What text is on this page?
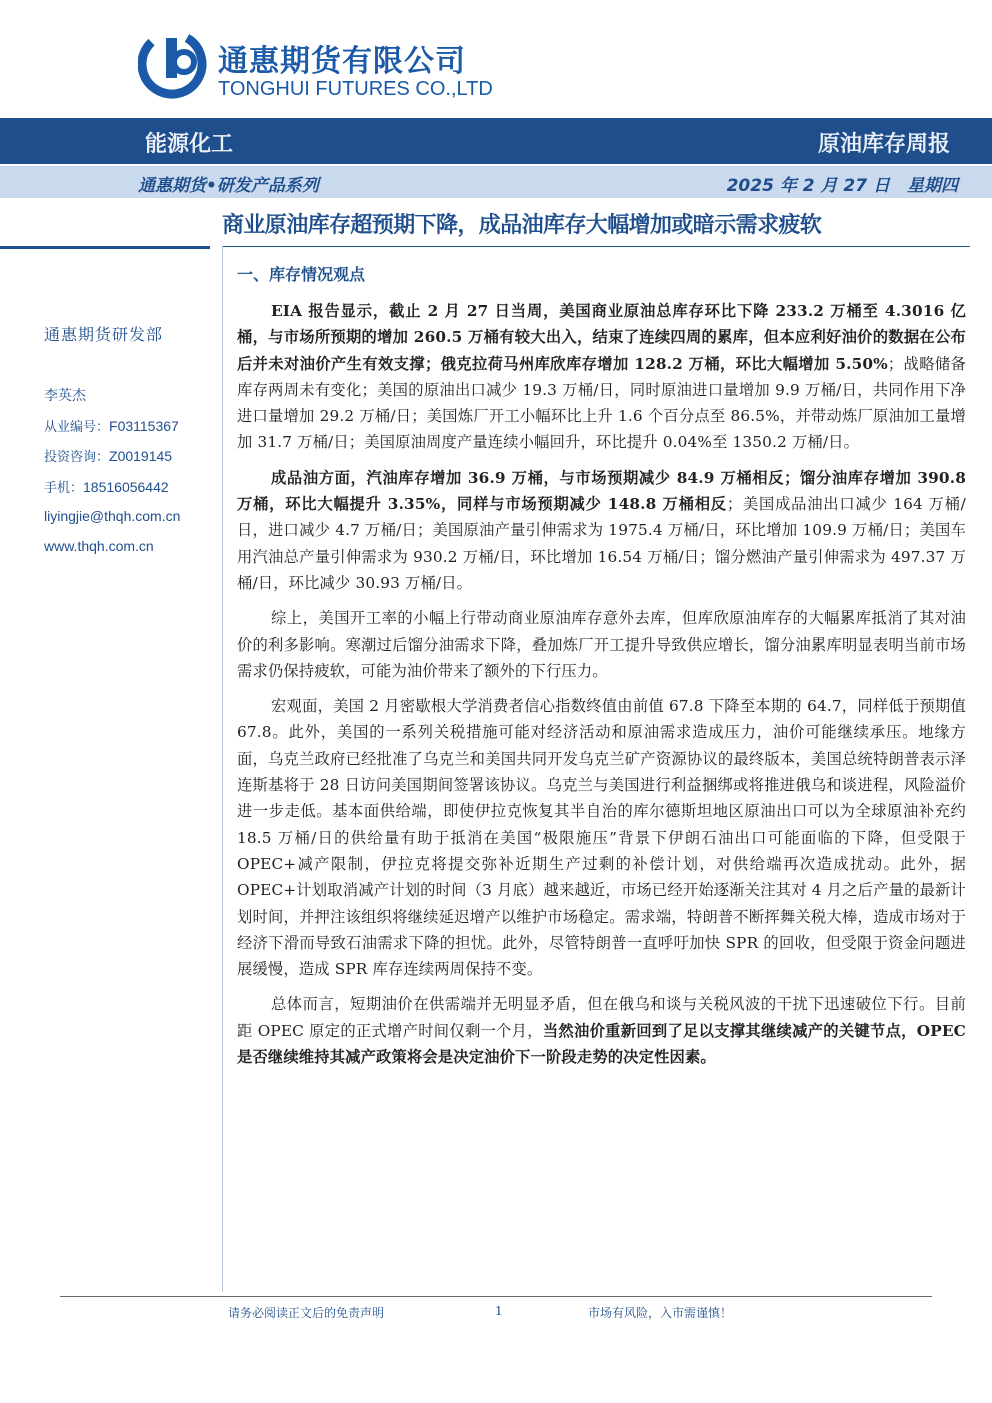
通惠期货有限公司
TONGHUI FUTURES CO.,LTD
能源化工	原油库存周报
通惠期货•研发产品系列	2025 年 2 月 27 日　星期四
商业原油库存超预期下降，成品油库存大幅增加或暗示需求疲软
通惠期货研发部
李英杰
从业编号：F03115367
投资咨询：Z0019145
手机：18516056442
liyingjie@thqh.com.cn
www.thqh.com.cn
一、库存情况观点

EIA 报告显示，截止 2 月 27 日当周，美国商业原油总库存环比下降 233.2 万桶至 4.3016 亿桶，与市场所预期的增加 260.5 万桶有较大出入，结束了连续四周的累库，但本应利好油价的数据在公布后并未对油价产生有效支撑；俄克拉荷马州库欣库存增加 128.2 万桶，环比大幅增加 5.50%；战略储备库存两周未有变化；美国的原油出口减少 19.3 万桶/日，同时原油进口量增加 9.9 万桶/日，共同作用下净进口量增加 29.2 万桶/日；美国炼厂开工小幅环比上升 1.6 个百分点至 86.5%，并带动炼厂原油加工量增加 31.7 万桶/日；美国原油周度产量连续小幅回升，环比提升 0.04%至 1350.2 万桶/日。

成品油方面，汽油库存增加 36.9 万桶，与市场预期减少 84.9 万桶相反；馏分油库存增加 390.8 万桶，环比大幅提升 3.35%，同样与市场预期减少 148.8 万桶相反；美国成品油出口减少 164 万桶/日，进口减少 4.7 万桶/日；美国原油产量引伸需求为 1975.4 万桶/日，环比增加 109.9 万桶/日；美国车用汽油总产量引伸需求为 930.2 万桶/日，环比增加 16.54 万桶/日；馏分燃油产量引伸需求为 497.37 万桶/日，环比减少 30.93 万桶/日。

综上，美国开工率的小幅上行带动商业原油库存意外去库，但库欣原油库存的大幅累库抵消了其对油价的利多影响。寒潮过后馏分油需求下降，叠加炼厂开工提升导致供应增长，馏分油累库明显表明当前市场需求仍保持疲软，可能为油价带来了额外的下行压力。

宏观面，美国 2 月密歇根大学消费者信心指数终值由前值 67.8 下降至本期的 64.7，同样低于预期值 67.8。此外，美国的一系列关税措施可能对经济活动和原油需求造成压力，油价可能继续承压。地缘方面，乌克兰政府已经批准了乌克兰和美国共同开发乌克兰矿产资源协议的最终版本，美国总统特朗普表示泽连斯基将于 28 日访问美国期间签署该协议。乌克兰与美国进行利益捆绑或将推进俄乌和谈进程，风险溢价进一步走低。基本面供给端，即使伊拉克恢复其半自治的库尔德斯坦地区原油出口可以为全球原油补充约 18.5 万桶/日的供给量有助于抵消在美国“极限施压”背景下伊朗石油出口可能面临的下降，但受限于 OPEC+减产限制，伊拉克将提交弥补近期生产过剩的补偿计划，对供给端再次造成扰动。此外，据 OPEC+计划取消减产计划的时间（3 月底）越来越近，市场已经开始逐渐关注其对 4 月之后产量的最新计划时间，并押注该组织将继续延迟增产以维护市场稳定。需求端，特朗普不断挥舞关税大棒，造成市场对于经济下滑而导致石油需求下降的担忧。此外，尽管特朗普一直呼吁加快 SPR 的回收，但受限于资金问题进展缓慢，造成 SPR 库存连续两周保持不变。

总体而言，短期油价在供需端并无明显矛盾，但在俄乌和谈与关税风波的干扰下迅速破位下行。目前距 OPEC 原定的正式增产时间仅剩一个月，当然油价重新回到了足以支撑其继续减产的关键节点，OPEC 是否继续维持其减产政策将会是决定油价下一阶段走势的决定性因素。

请务必阅读正文后的免责声明	1	市场有风险，入市需谨慎！
